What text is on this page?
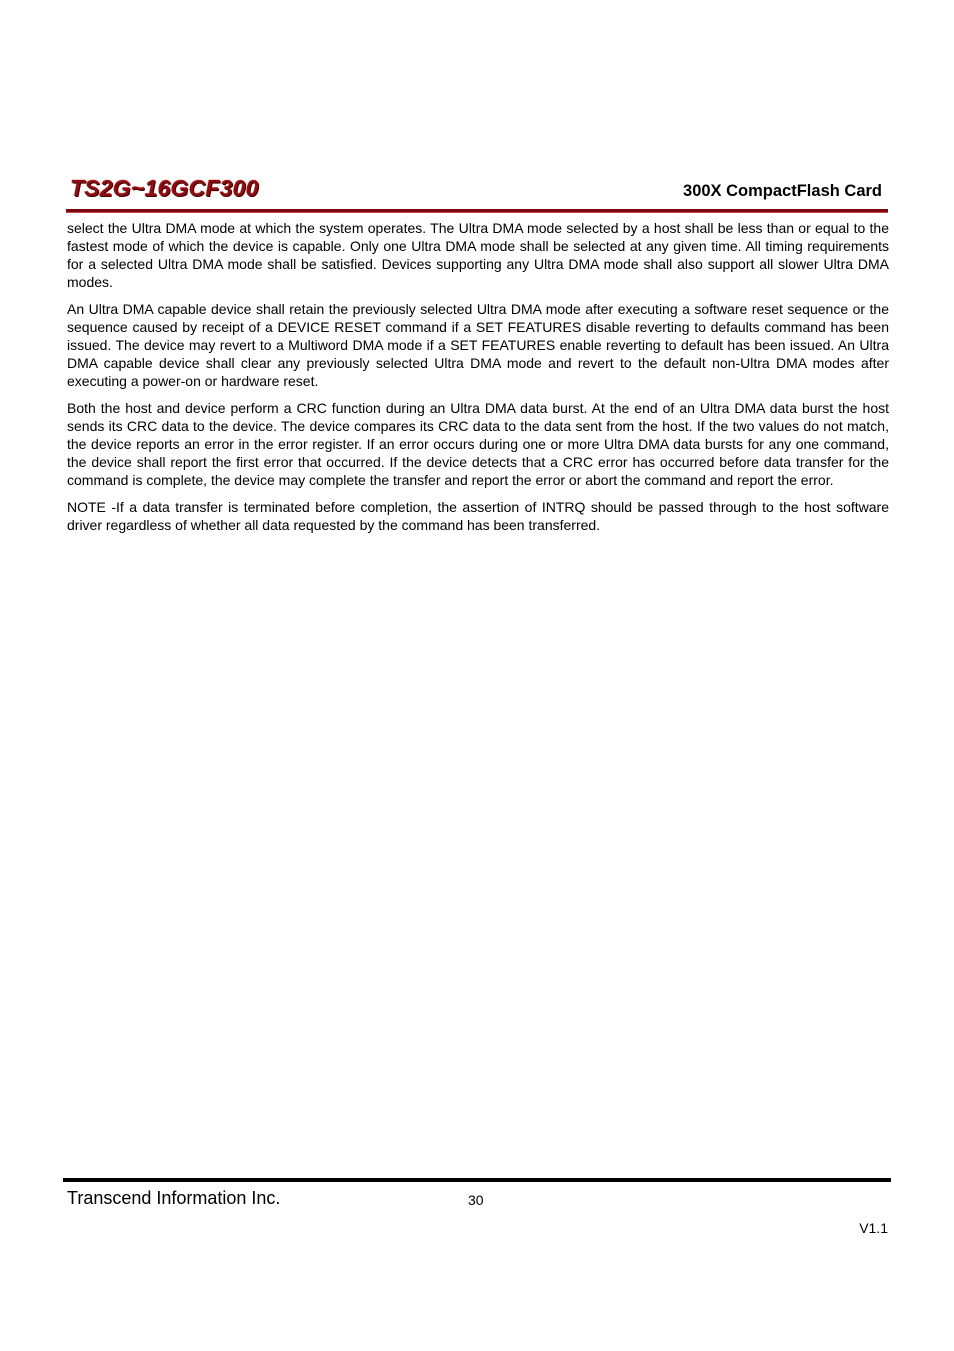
TS2G~16GCF300	300X CompactFlash Card

select the Ultra DMA mode at which the system operates. The Ultra DMA mode selected by a host shall be less than or equal to the fastest mode of which the device is capable. Only one Ultra DMA mode shall be selected at any given time. All timing requirements for a selected Ultra DMA mode shall be satisfied. Devices supporting any Ultra DMA mode shall also support all slower Ultra DMA modes.

An Ultra DMA capable device shall retain the previously selected Ultra DMA mode after executing a software reset sequence or the sequence caused by receipt of a DEVICE RESET command if a SET FEATURES disable reverting to defaults command has been issued. The device may revert to a Multiword DMA mode if a SET FEATURES enable reverting to default has been issued. An Ultra DMA capable device shall clear any previously selected Ultra DMA mode and revert to the default non-Ultra DMA modes after executing a power-on or hardware reset.

Both the host and device perform a CRC function during an Ultra DMA data burst. At the end of an Ultra DMA data burst the host sends its CRC data to the device. The device compares its CRC data to the data sent from the host. If the two values do not match, the device reports an error in the error register. If an error occurs during one or more Ultra DMA data bursts for any one command, the device shall report the first error that occurred. If the device detects that a CRC error has occurred before data transfer for the command is complete, the device may complete the transfer and report the error or abort the command and report the error.

NOTE -If a data transfer is terminated before completion, the assertion of INTRQ should be passed through to the host software driver regardless of whether all data requested by the command has been transferred.

Transcend Information Inc.	30
V1.1
